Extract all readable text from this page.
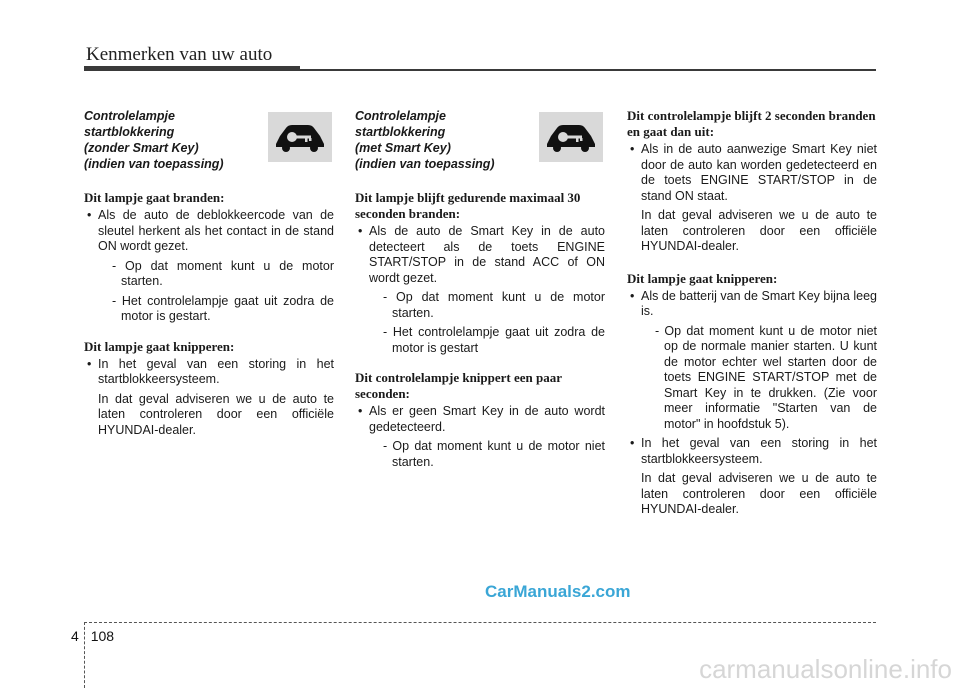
Kenmerken van uw auto
Controlelampje
startblokkering
(zonder Smart Key)
(indien van toepassing)
Dit lampje gaat branden:
• Als de auto de deblokkeercode van de sleutel herkent als het contact in de stand ON wordt gezet.
- Op dat moment kunt u de motor starten.
- Het controlelampje gaat uit zodra de motor is gestart.
Dit lampje gaat knipperen:
• In het geval van een storing in het startblokkeersysteem.
In dat geval adviseren we u de auto te laten controleren door een officiële HYUNDAI-dealer.
Controlelampje
startblokkering
(met Smart Key)
(indien van toepassing)
Dit lampje blijft gedurende maximaal 30 seconden branden:
• Als de auto de Smart Key in de auto detecteert als de toets ENGINE START/STOP in de stand ACC of ON wordt gezet.
- Op dat moment kunt u de motor starten.
- Het controlelampje gaat uit zodra de motor is gestart
Dit controlelampje knippert een paar seconden:
• Als er geen Smart Key in de auto wordt gedetecteerd.
- Op dat moment kunt u de motor niet starten.
Dit controlelampje blijft 2 seconden branden en gaat dan uit:
• Als in de auto aanwezige Smart Key niet door de auto kan worden gedetecteerd en de toets ENGINE START/STOP in de stand ON staat.
In dat geval adviseren we u de auto te laten controleren door een officiële HYUNDAI-dealer.
Dit lampje gaat knipperen:
• Als de batterij van de Smart Key bijna leeg is.
- Op dat moment kunt u de motor niet op de normale manier starten. U kunt de motor echter wel starten door de toets ENGINE START/STOP met de Smart Key in te drukken. (Zie voor meer informatie "Starten van de motor" in hoofdstuk 5).
• In het geval van een storing in het startblokkeersysteem.
In dat geval adviseren we u de auto te laten controleren door een officiële HYUNDAI-dealer.
CarManuals2.com
4 108
carmanualsonline.info
